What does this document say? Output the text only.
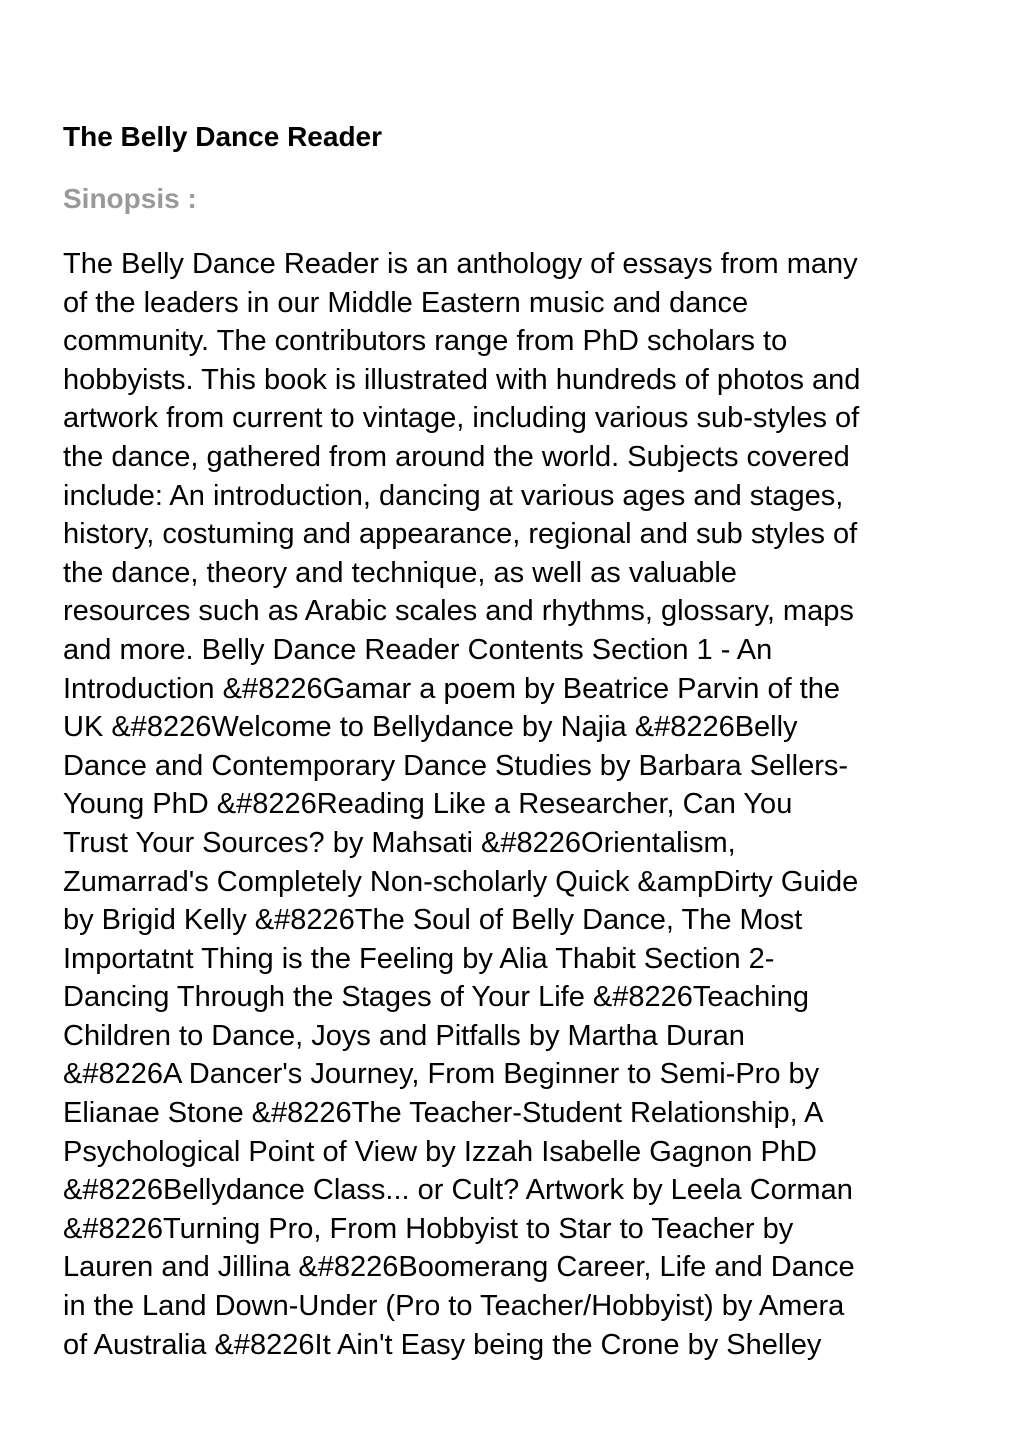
The Belly Dance Reader
Sinopsis :
The Belly Dance Reader is an anthology of essays from many
of the leaders in our Middle Eastern music and dance
community. The contributors range from PhD scholars to
hobbyists. This book is illustrated with hundreds of photos and
artwork from current to vintage, including various sub-styles of
the dance, gathered from around the world. Subjects covered
include: An introduction, dancing at various ages and stages,
history, costuming and appearance, regional and sub styles of
the dance, theory and technique, as well as valuable
resources such as Arabic scales and rhythms, glossary, maps
and more. Belly Dance Reader Contents Section 1 - An
Introduction &#8226Gamar a poem by Beatrice Parvin of the
UK &#8226Welcome to Bellydance by Najia &#8226Belly
Dance and Contemporary Dance Studies by Barbara Sellers-
Young PhD &#8226Reading Like a Researcher, Can You
Trust Your Sources? by Mahsati &#8226Orientalism,
Zumarrad's Completely Non-scholarly Quick &ampDirty Guide
by Brigid Kelly &#8226The Soul of Belly Dance, The Most
Importatnt Thing is the Feeling by Alia Thabit Section 2-
Dancing Through the Stages of Your Life &#8226Teaching
Children to Dance, Joys and Pitfalls by Martha Duran
&#8226A Dancer's Journey, From Beginner to Semi-Pro by
Elianae Stone &#8226The Teacher-Student Relationship, A
Psychological Point of View by Izzah Isabelle Gagnon PhD
&#8226Bellydance Class... or Cult? Artwork by Leela Corman
&#8226Turning Pro, From Hobbyist to Star to Teacher by
Lauren and Jillina &#8226Boomerang Career, Life and Dance
in the Land Down-Under (Pro to Teacher/Hobbyist) by Amera
of Australia &#8226It Ain't Easy being the Crone by Shelley
